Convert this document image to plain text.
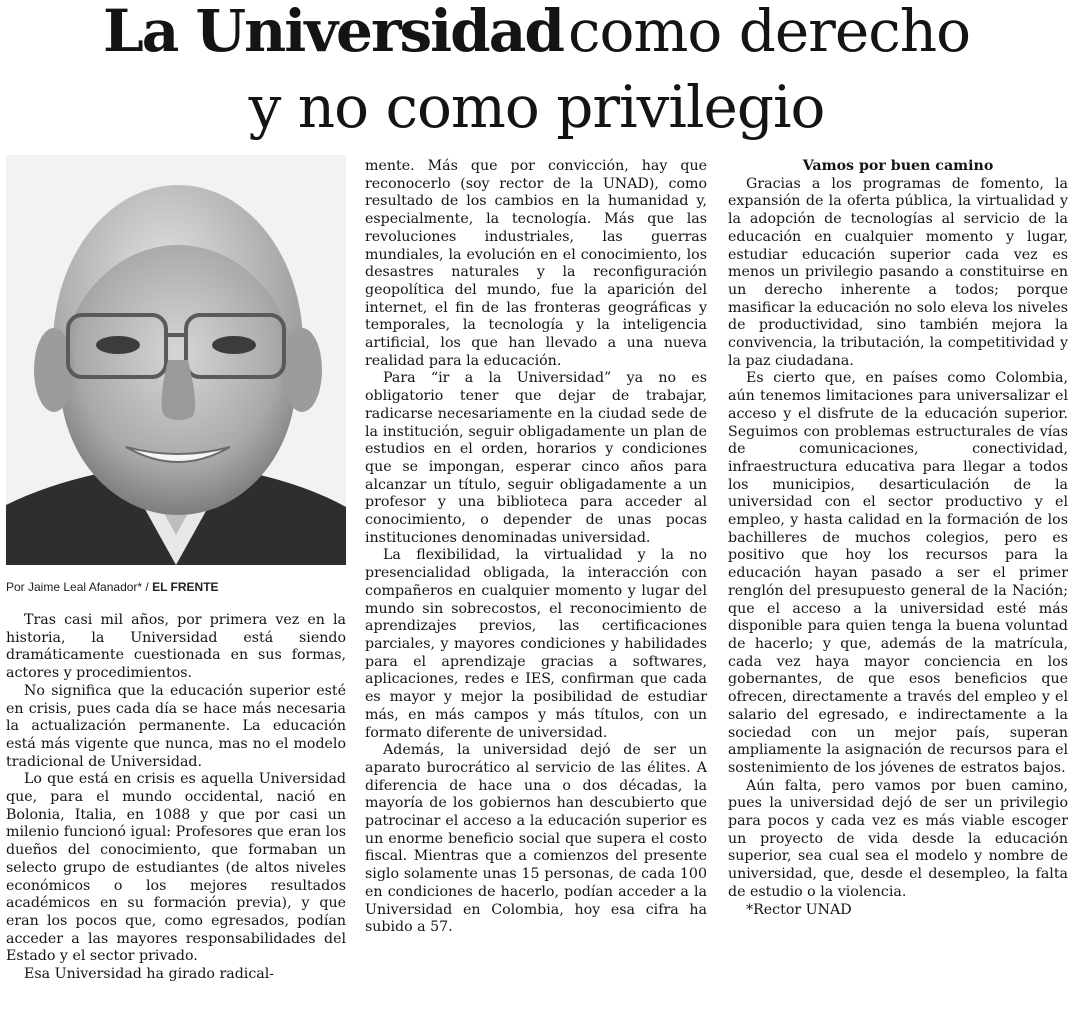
La Universidad como derecho
y no como privilegio
Por Jaime Leal Afanador* / EL FRENTE

Tras casi mil años, por primera vez en la historia, la Universidad está siendo dramáticamente cuestionada en sus formas, actores y procedimientos.

No significa que la educación superior esté en crisis, pues cada día se hace más necesaria la actualización permanente. La educación está más vigente que nunca, mas no el modelo tradicional de Universidad.

Lo que está en crisis es aquella Universidad que, para el mundo occidental, nació en Bolonia, Italia, en 1088 y que por casi un milenio funcionó igual: Profesores que eran los dueños del conocimiento, que formaban un selecto grupo de estudiantes (de altos niveles económicos o los mejores resultados académicos en su formación previa), y que eran los pocos que, como egresados, podían acceder a las mayores responsabilidades del Estado y el sector privado.

Esa Universidad ha girado radical-

mente. Más que por convicción, hay que reconocerlo (soy rector de la UNAD), como resultado de los cambios en la humanidad y, especialmente, la tecnología. Más que las revoluciones industriales, las guerras mundiales, la evolución en el conocimiento, los desastres naturales y la reconfiguración geopolítica del mundo, fue la aparición del internet, el fin de las fronteras geográficas y temporales, la tecnología y la inteligencia artificial, los que han llevado a una nueva realidad para la educación.

Para “ir a la Universidad” ya no es obligatorio tener que dejar de trabajar, radicarse necesariamente en la ciudad sede de la institución, seguir obligadamente un plan de estudios en el orden, horarios y condiciones que se impongan, esperar cinco años para alcanzar un título, seguir obligadamente a un profesor y una biblioteca para acceder al conocimiento, o depender de unas pocas instituciones denominadas universidad.

La flexibilidad, la virtualidad y la no presencialidad obligada, la interacción con compañeros en cualquier momento y lugar del mundo sin sobrecostos, el reconocimiento de aprendizajes previos, las certificaciones parciales, y mayores condiciones y habilidades para el aprendizaje gracias a softwares, aplicaciones, redes e IES, confirman que cada es mayor y mejor la posibilidad de estudiar más, en más campos y más títulos, con un formato diferente de universidad.

Además, la universidad dejó de ser un aparato burocrático al servicio de las élites. A diferencia de hace una o dos décadas, la mayoría de los gobiernos han descubierto que patrocinar el acceso a la educación superior es un enorme beneficio social que supera el costo fiscal. Mientras que a comienzos del presente siglo solamente unas 15 personas, de cada 100 en condiciones de hacerlo, podían acceder a la Universidad en Colombia, hoy esa cifra ha subido a 57.

Vamos por buen camino

Gracias a los programas de fomento, la expansión de la oferta pública, la virtualidad y la adopción de tecnologías al servicio de la educación en cualquier momento y lugar, estudiar educación superior cada vez es menos un privilegio pasando a constituirse en un derecho inherente a todos; porque masificar la educación no solo eleva los niveles de productividad, sino también mejora la convivencia, la tributación, la competitividad y la paz ciudadana.

Es cierto que, en países como Colombia, aún tenemos limitaciones para universalizar el acceso y el disfrute de la educación superior. Seguimos con problemas estructurales de vías de comunicaciones, conectividad, infraestructura educativa para llegar a todos los municipios, desarticulación de la universidad con el sector productivo y el empleo, y hasta calidad en la formación de los bachilleres de muchos colegios, pero es positivo que hoy los recursos para la educación hayan pasado a ser el primer renglón del presupuesto general de la Nación; que el acceso a la universidad esté más disponible para quien tenga la buena voluntad de hacerlo; y que, además de la matrícula, cada vez haya mayor conciencia en los gobernantes, de que esos beneficios que ofrecen, directamente a través del empleo y el salario del egresado, e indirectamente a la sociedad con un mejor país, superan ampliamente la asignación de recursos para el sostenimiento de los jóvenes de estratos bajos.

Aún falta, pero vamos por buen camino, pues la universidad dejó de ser un privilegio para pocos y cada vez es más viable escoger un proyecto de vida desde la educación superior, sea cual sea el modelo y nombre de universidad, que, desde el desempleo, la falta de estudio o la violencia.

*Rector UNAD
